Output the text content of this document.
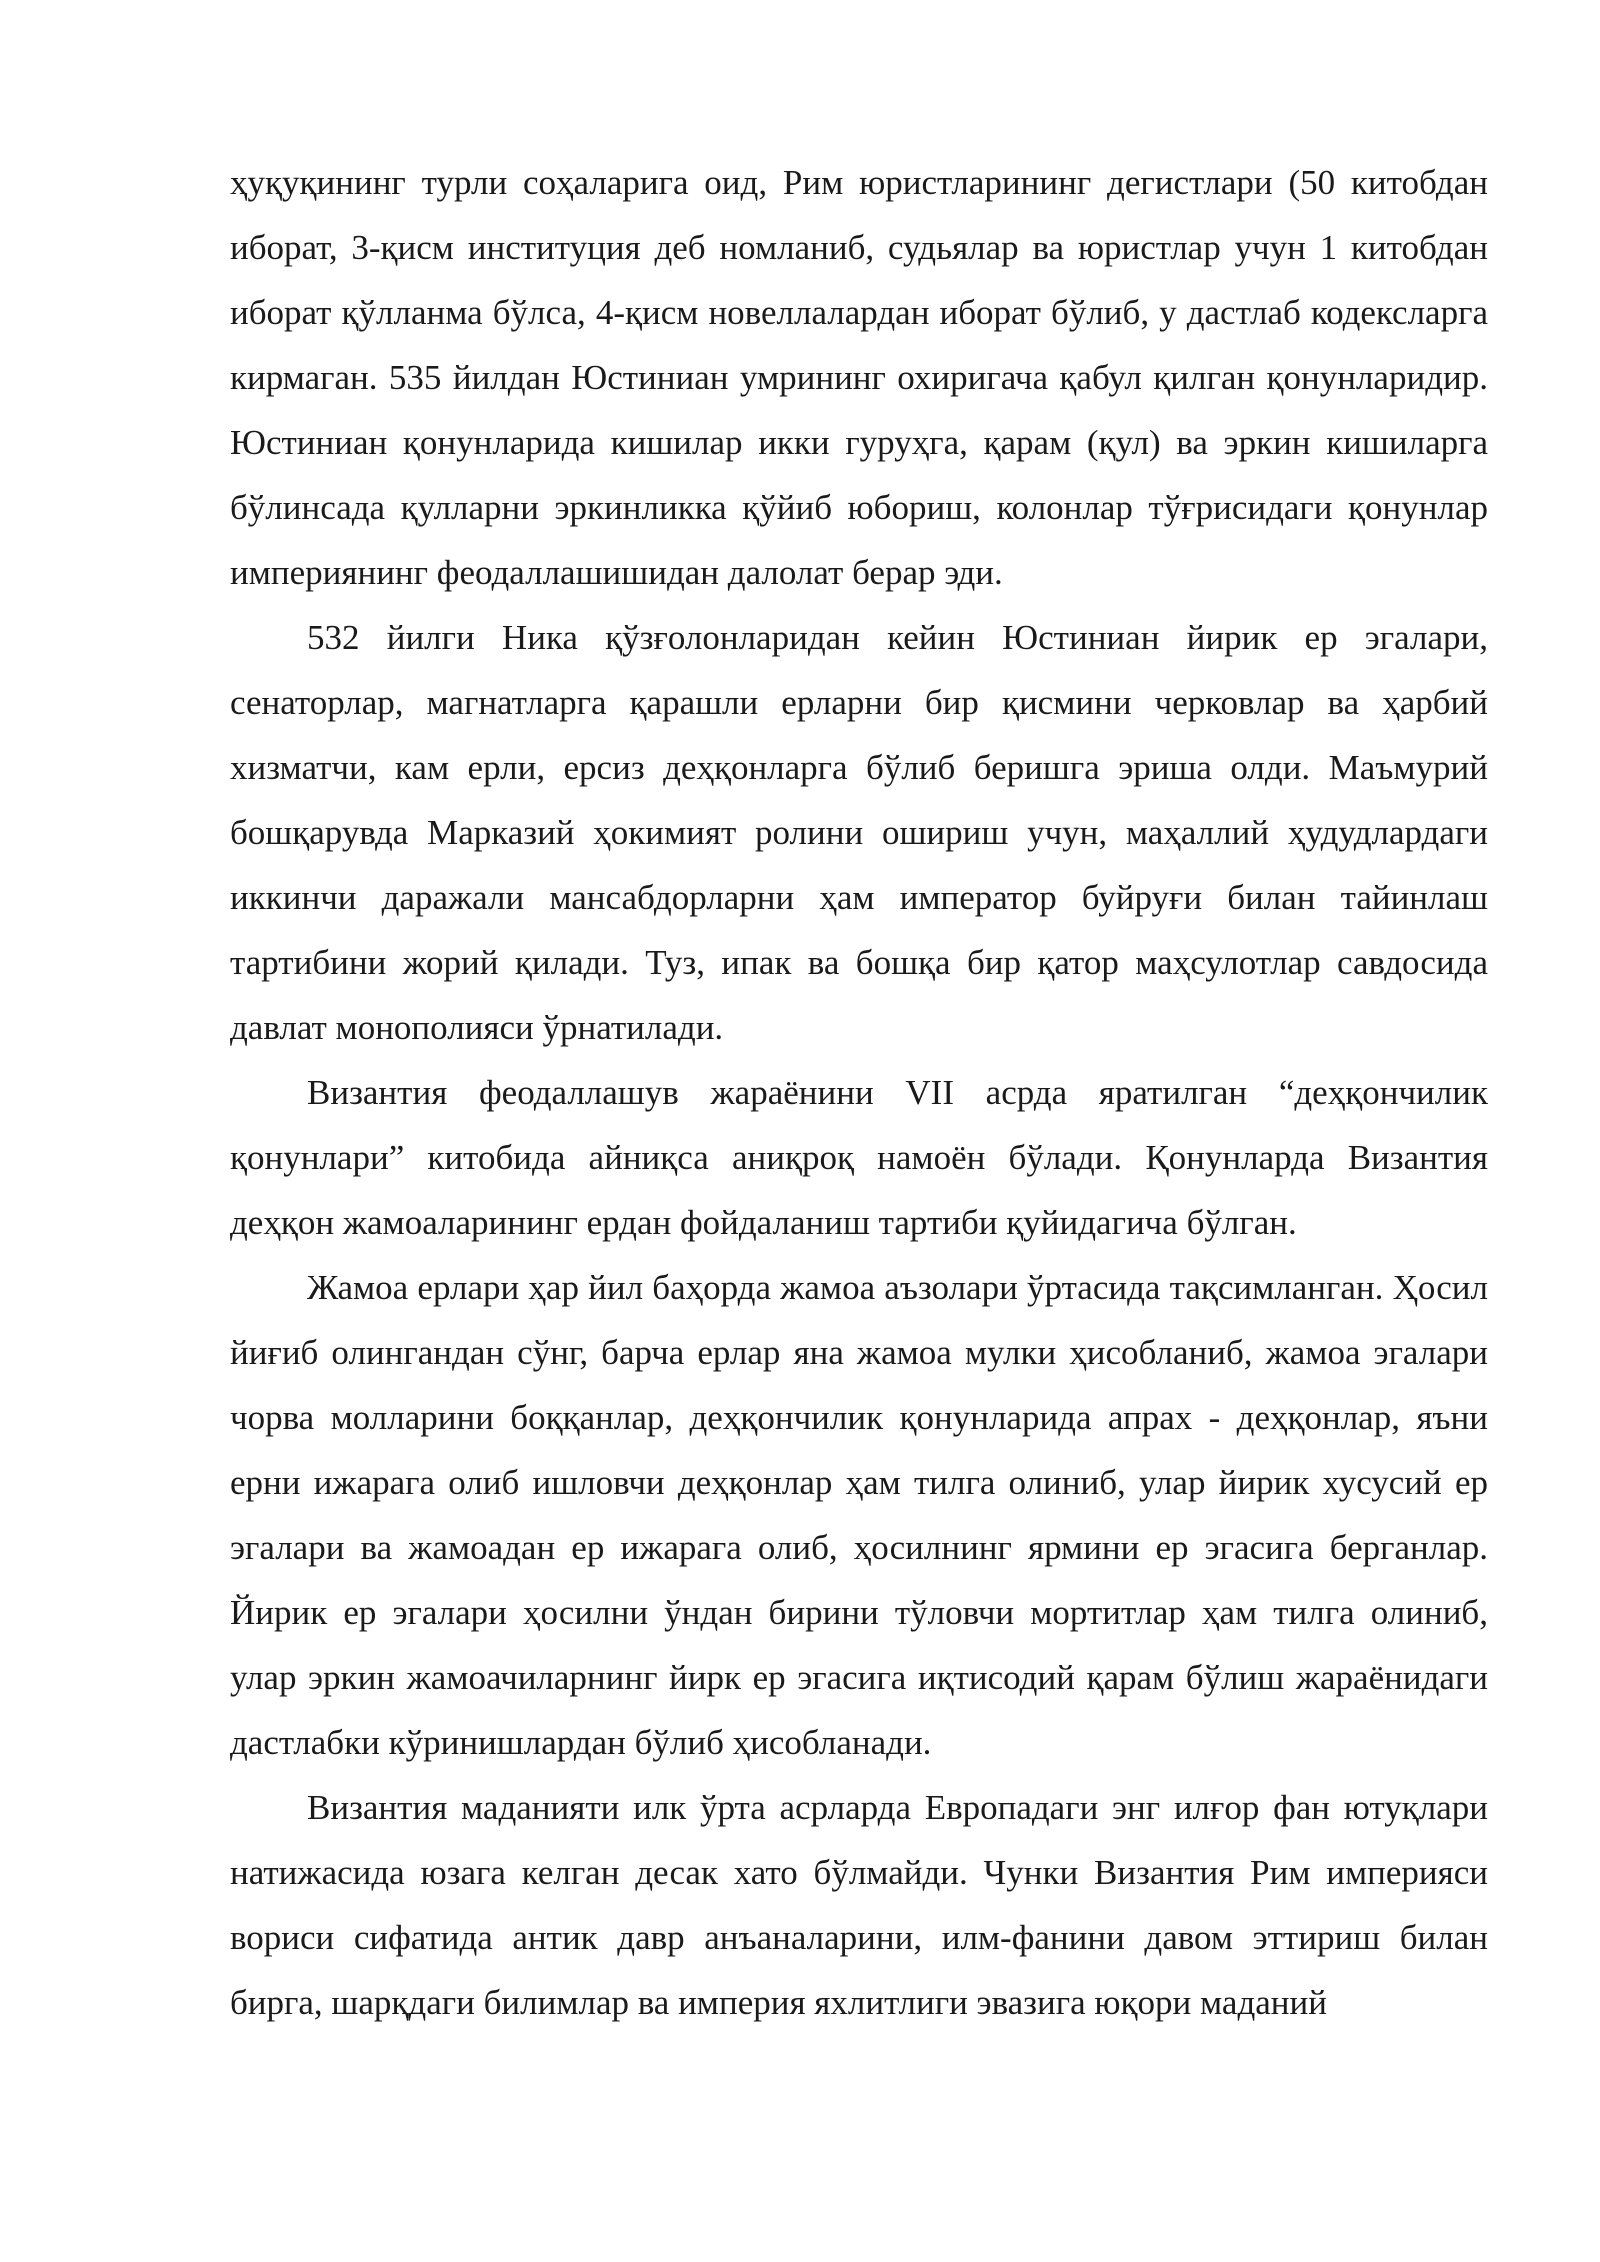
ҳуқуқининг турли соҳаларига оид, Рим юристларининг дегистлари (50 китобдан иборат, 3-қисм институция деб номланиб, судьялар ва юристлар учун 1 китобдан иборат қўлланма бўлса, 4-қисм новеллалардан иборат бўлиб, у дастлаб кодексларга кирмаган. 535 йилдан Юстиниан умрининг охиригача қабул қилган қонунларидир. Юстиниан қонунларида кишилар икки гуруҳга, қарам (қул) ва эркин кишиларга бўлинсада қулларни эркинликка қўйиб юбориш, колонлар тўғрисидаги қонунлар империянинг феодаллашишидан далолат берар эди.

532 йилги Ника қўзғолонларидан кейин Юстиниан йирик ер эгалари, сенаторлар, магнатларга қарашли ерларни бир қисмини черковлар ва ҳарбий хизматчи, кам ерли, ерсиз деҳқонларга бўлиб беришга эриша олди. Маъмурий бошқарувда Марказий ҳокимият ролини ошириш учун, маҳаллий ҳудудлардаги иккинчи даражали мансабдорларни ҳам император буйруғи билан тайинлаш тартибини жорий қилади. Туз, ипак ва бошқа бир қатор маҳсулотлар савдосида давлат монополияси ўрнатилади.

Византия феодаллашув жараёнини VII асрда яратилган “деҳқончилик қонунлари” китобида айниқса аниқроқ намоён бўлади. Қонунларда Византия деҳқон жамоаларининг ердан фойдаланиш тартиби қуйидагича бўлган.

Жамоа ерлари ҳар йил баҳорда жамоа аъзолари ўртасида тақсимланган. Ҳосил йиғиб олингандан сўнг, барча ерлар яна жамоа мулки ҳисобланиб, жамоа эгалари чорва молларини боққанлар, деҳқончилик қонунларида апрах - деҳқонлар, яъни ерни ижарага олиб ишловчи деҳқонлар ҳам тилга олиниб, улар йирик хусусий ер эгалари ва жамоадан ер ижарага олиб, ҳосилнинг ярмини ер эгасига берганлар. Йирик ер эгалари ҳосилни ўндан бирини тўловчи мортитлар ҳам тилга олиниб, улар эркин жамоачиларнинг йирк ер эгасига иқтисодий қарам бўлиш жараёнидаги дастлабки кўринишлардан бўлиб ҳисобланади.

Византия маданияти илк ўрта асрларда Европадаги энг илғор фан ютуқлари натижасида юзага келган десак хато бўлмайди. Чунки Византия Рим империяси вориси сифатида антик давр анъаналарини, илм-фанини давом эттириш билан бирга, шарқдаги билимлар ва империя яхлитлиги эвазига юқори маданий
